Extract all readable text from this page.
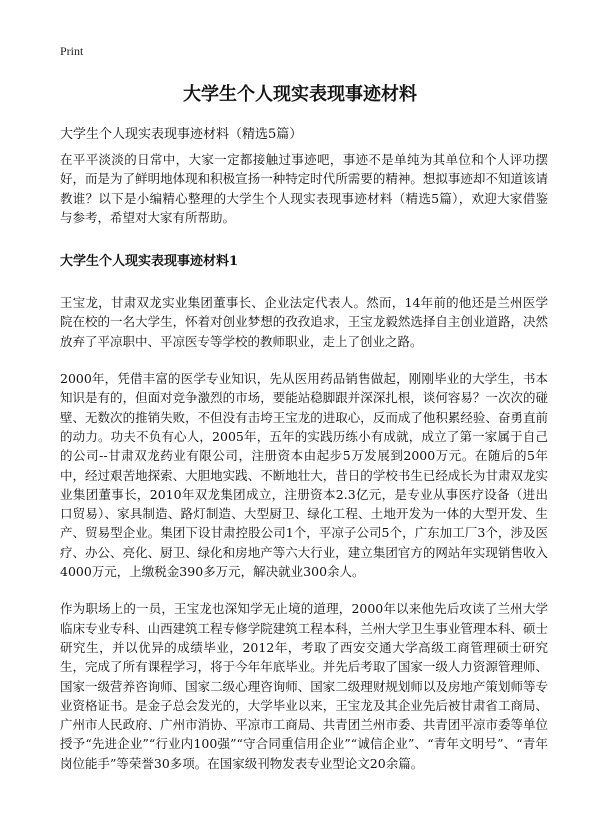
Print
大学生个人现实表现事迹材料

大学生个人现实表现事迹材料（精选5篇）

在平平淡淡的日常中，大家一定都接触过事迹吧，事迹不是单纯为其单位和个人评功摆好，而是为了鲜明地体现和积极宣扬一种特定时代所需要的精神。想拟事迹却不知道该请教谁？以下是小编精心整理的大学生个人现实表现事迹材料（精选5篇），欢迎大家借鉴与参考，希望对大家有所帮助。

大学生个人现实表现事迹材料1

王宝龙，甘肃双龙实业集团董事长、企业法定代表人。然而，14年前的他还是兰州医学院在校的一名大学生，怀着对创业梦想的孜孜追求，王宝龙毅然选择自主创业道路，决然放弃了平凉职中、平凉医专等学校的教师职业，走上了创业之路。

2000年，凭借丰富的医学专业知识，先从医用药品销售做起，刚刚毕业的大学生，书本知识是有的，但面对竞争激烈的市场，要能站稳脚跟并深深扎根，谈何容易？一次次的碰壁、无数次的推销失败，不但没有击垮王宝龙的进取心，反而成了他积累经验、奋勇直前的动力。功夫不负有心人，2005年，五年的实践历练小有成就，成立了第一家属于自己的公司--甘肃双龙药业有限公司，注册资本由起步5万发展到2000万元。在随后的5年中，经过艰苦地探索、大胆地实践、不断地壮大，昔日的学校书生已经成长为甘肃双龙实业集团董事长，2010年双龙集团成立，注册资本2.3亿元，是专业从事医疗设备（进出口贸易）、家具制造、路灯制造、大型厨卫、绿化工程、土地开发为一体的大型开发、生产、贸易型企业。集团下设甘肃控股公司1个，平凉子公司5个，广东加工厂3个，涉及医疗、办公、亮化、厨卫、绿化和房地产等六大行业，建立集团官方的网站年实现销售收入4000万元，上缴税金390多万元，解决就业300余人。

作为职场上的一员，王宝龙也深知学无止境的道理，2000年以来他先后攻读了兰州大学临床专业专科、山西建筑工程专修学院建筑工程本科，兰州大学卫生事业管理本科、硕士研究生，并以优异的成绩毕业，2012年，考取了西安交通大学高级工商管理硕士研究生，完成了所有课程学习，将于今年年底毕业。并先后考取了国家一级人力资源管理师、国家一级营养咨询师、国家二级心理咨询师、国家二级理财规划师以及房地产策划师等专业资格证书。是金子总会发光的，大学毕业以来，王宝龙及其企业先后被甘肃省工商局、广州市人民政府、广州市消协、平凉市工商局、共青团兰州市委、共青团平凉市委等单位授予“先进企业”“行业内100强”“守合同重信用企业”“诚信企业”、“青年文明号”、“青年岗位能手”等荣誉30多项。在国家级刊物发表专业型论文20余篇。
